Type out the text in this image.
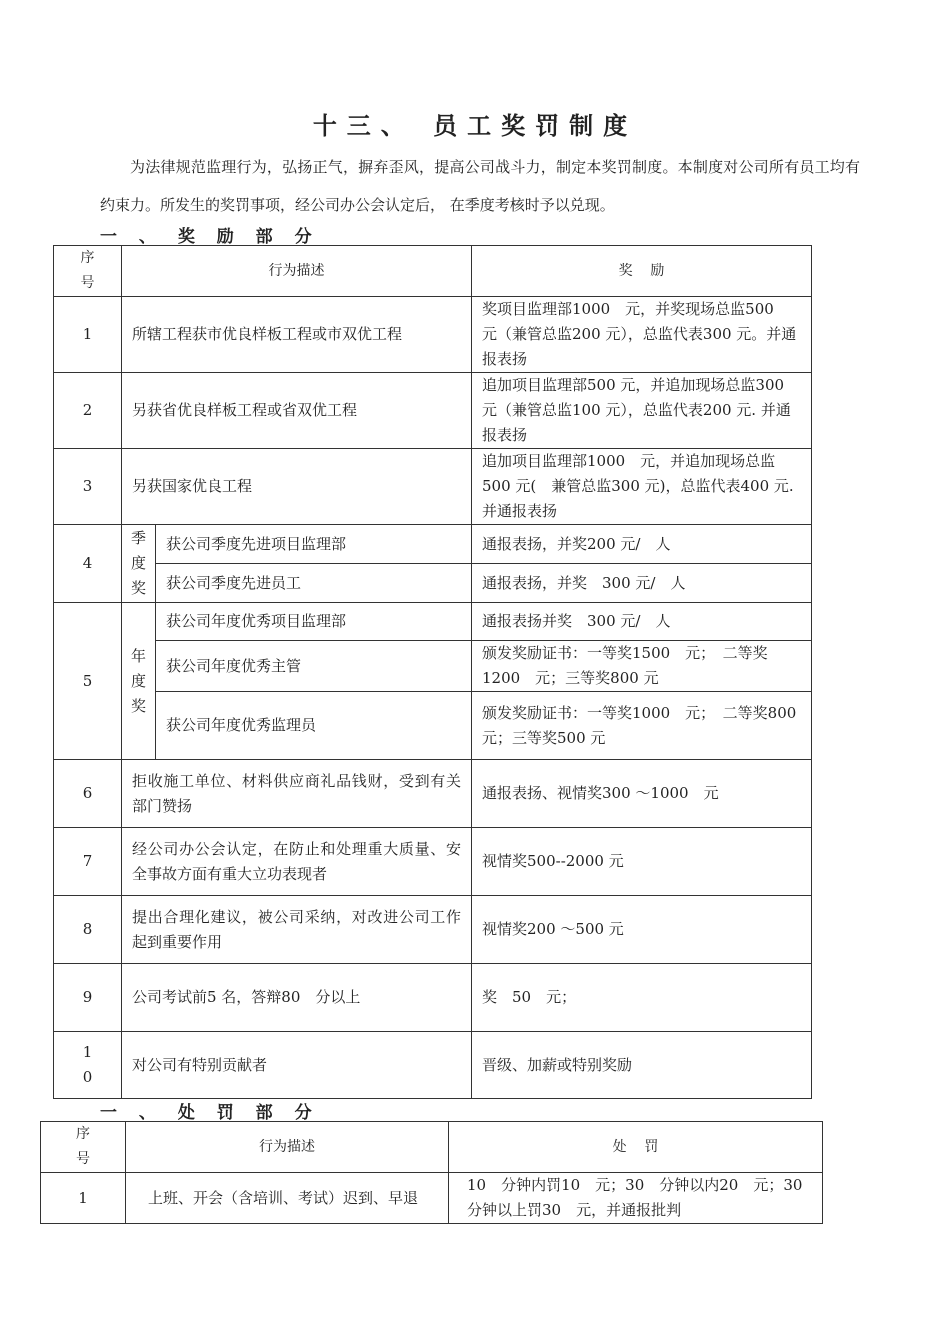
十三、 员工奖罚制度
为法律规范监理行为，弘扬正气，摒弃歪风，提高公司战斗力，制定本奖罚制度。本制度对公司所有员工均有约束力。所发生的奖罚事项，经公司办公会认定后， 在季度考核时予以兑现。
一 、 奖 励 部 分
序号	行为描述		奖    励
1	所辖工程获市优良样板工程或市双优工程		奖项目监理部1000　元，并奖现场总监500　元（兼管总监200 元），总监代表300 元。并通报表扬
2	另获省优良样板工程或省双优工程		追加项目监理部500 元，并追加现场总监300 元（兼管总监100 元），总监代表200 元. 并通报表扬
3	另获国家优良工程		追加项目监理部1000　元，并追加现场总监500 元(　兼管总监300 元)，总监代表400 元. 并通报表扬
4	季度奖	获公司季度先进项目监理部	通报表扬，并奖200 元/　人
		获公司季度先进员工	通报表扬，并奖　300 元/　人
5	年度奖	获公司年度优秀项目监理部	通报表扬并奖　300 元/　人
		获公司年度优秀主管	颁发奖励证书：一等奖1500　元；　二等奖1200　元；三等奖800 元
		获公司年度优秀监理员	颁发奖励证书：一等奖1000　元；　二等奖800 元；三等奖500 元
6	拒收施工单位、材料供应商礼品钱财，受到有关部门赞扬		通报表扬、视情奖300 ～1000　元
7	经公司办公会认定，在防止和处理重大质量、安全事故方面有重大立功表现者		视情奖500--2000 元
8	提出合理化建议，被公司采纳，对改进公司工作起到重要作用		视情奖200 ～500 元
9	公司考试前5 名，答辩80　分以上		奖　50　元；

10	对公司有特别贡献者		晋级、加薪或特别奖励
一 、 处 罚 部 分
序号	行为描述	处    罚
1	上班、开会（含培训、考试）迟到、早退	10　分钟内罚10　元；30　分钟以内20　元；30　分钟以上罚30　元，并通报批判
